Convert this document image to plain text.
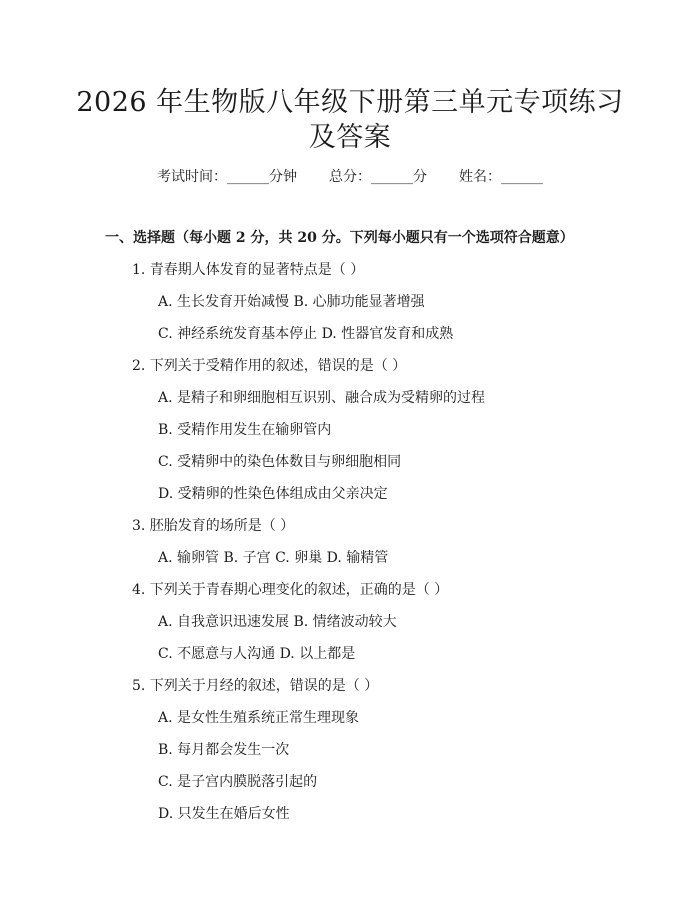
2026 年生物版八年级下册第三单元专项练习
及答案
考试时间：______分钟 总分：______分 姓名：______
一、选择题（每小题 2 分，共 20 分。下列每小题只有一个选项符合题意）
1. 青春期人体发育的显著特点是（ ）
A. 生长发育开始减慢 B. 心肺功能显著增强
C. 神经系统发育基本停止 D. 性器官发育和成熟
2. 下列关于受精作用的叙述，错误的是（ ）
A. 是精子和卵细胞相互识别、融合成为受精卵的过程
B. 受精作用发生在输卵管内
C. 受精卵中的染色体数目与卵细胞相同
D. 受精卵的性染色体组成由父亲决定
3. 胚胎发育的场所是（ ）
A. 输卵管 B. 子宫 C. 卵巢 D. 输精管
4. 下列关于青春期心理变化的叙述，正确的是（ ）
A. 自我意识迅速发展 B. 情绪波动较大
C. 不愿意与人沟通 D. 以上都是
5. 下列关于月经的叙述，错误的是（ ）
A. 是女性生殖系统正常生理现象
B. 每月都会发生一次
C. 是子宫内膜脱落引起的
D. 只发生在婚后女性
